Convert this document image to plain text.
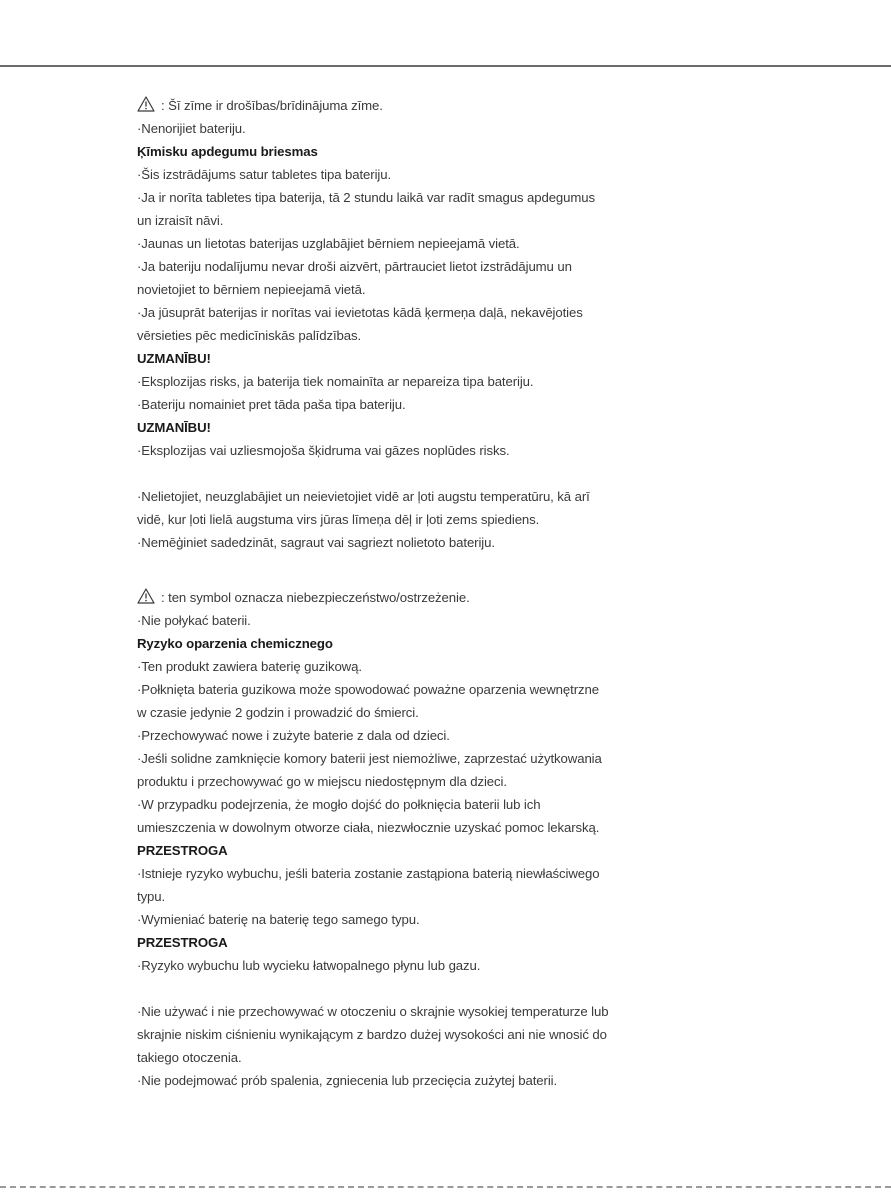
: Šī zīme ir drošības/brīdinājuma zīme.
·Nenorijiet bateriju.
Ķīmisku apdegumu briesmas
·Šis izstrādājums satur tabletes tipa bateriju.
·Ja ir norīta tabletes tipa baterija, tā 2 stundu laikā var radīt smagus apdegumus
un izraisīt nāvi.
·Jaunas un lietotas baterijas uzglabājiet bērniem nepieejamā vietā.
·Ja bateriju nodalījumu nevar droši aizvērt, pārtrauciet lietot izstrādājumu un
novietojiet to bērniem nepieejamā vietā.
·Ja jūsuprāt baterijas ir norītas vai ievietotas kādā ķermeņa daļā, nekavējoties
vērsieties pēc medicīniskās palīdzības.
UZMANĪBU!
·Eksplozijas risks, ja baterija tiek nomainīta ar nepareiza tipa bateriju.
·Bateriju nomainiet pret tāda paša tipa bateriju.
UZMANĪBU!
·Eksplozijas vai uzliesmojoša šķidruma vai gāzes noplūdes risks.
·Nelietojiet, neuzglabājiet un neievietojiet vidē ar ļoti augstu temperatūru, kā arī
vidē, kur ļoti lielā augstuma virs jūras līmeņa dēļ ir ļoti zems spiediens.
·Nemēģiniet sadedzināt, sagraut vai sagriezt nolietoto bateriju.
: ten symbol oznacza niebezpieczeństwo/ostrzeżenie.
·Nie połykać baterii.
Ryzyko oparzenia chemicznego
·Ten produkt zawiera baterię guzikową.
·Połknięta bateria guzikowa może spowodować poważne oparzenia wewnętrzne
w czasie jedynie 2 godzin i prowadzić do śmierci.
·Przechowywać nowe i zużyte baterie z dala od dzieci.
·Jeśli solidne zamknięcie komory baterii jest niemożliwe, zaprzestać użytkowania
produktu i przechowywać go w miejscu niedostępnym dla dzieci.
·W przypadku podejrzenia, że mogło dojść do połknięcia baterii lub ich
umieszczenia w dowolnym otworze ciała, niezwłocznie uzyskać pomoc lekarską.
PRZESTROGA
·Istnieje ryzyko wybuchu, jeśli bateria zostanie zastąpiona baterią niewłaściwego
typu.
·Wymieniać baterię na baterię tego samego typu.
PRZESTROGA
·Ryzyko wybuchu lub wycieku łatwopalnego płynu lub gazu.
·Nie używać i nie przechowywać w otoczeniu o skrajnie wysokiej temperaturze lub
skrajnie niskim ciśnieniu wynikającym z bardzo dużej wysokości ani nie wnosić do
takiego otoczenia.
·Nie podejmować prób spalenia, zgniecenia lub przecięcia zużytej baterii.
